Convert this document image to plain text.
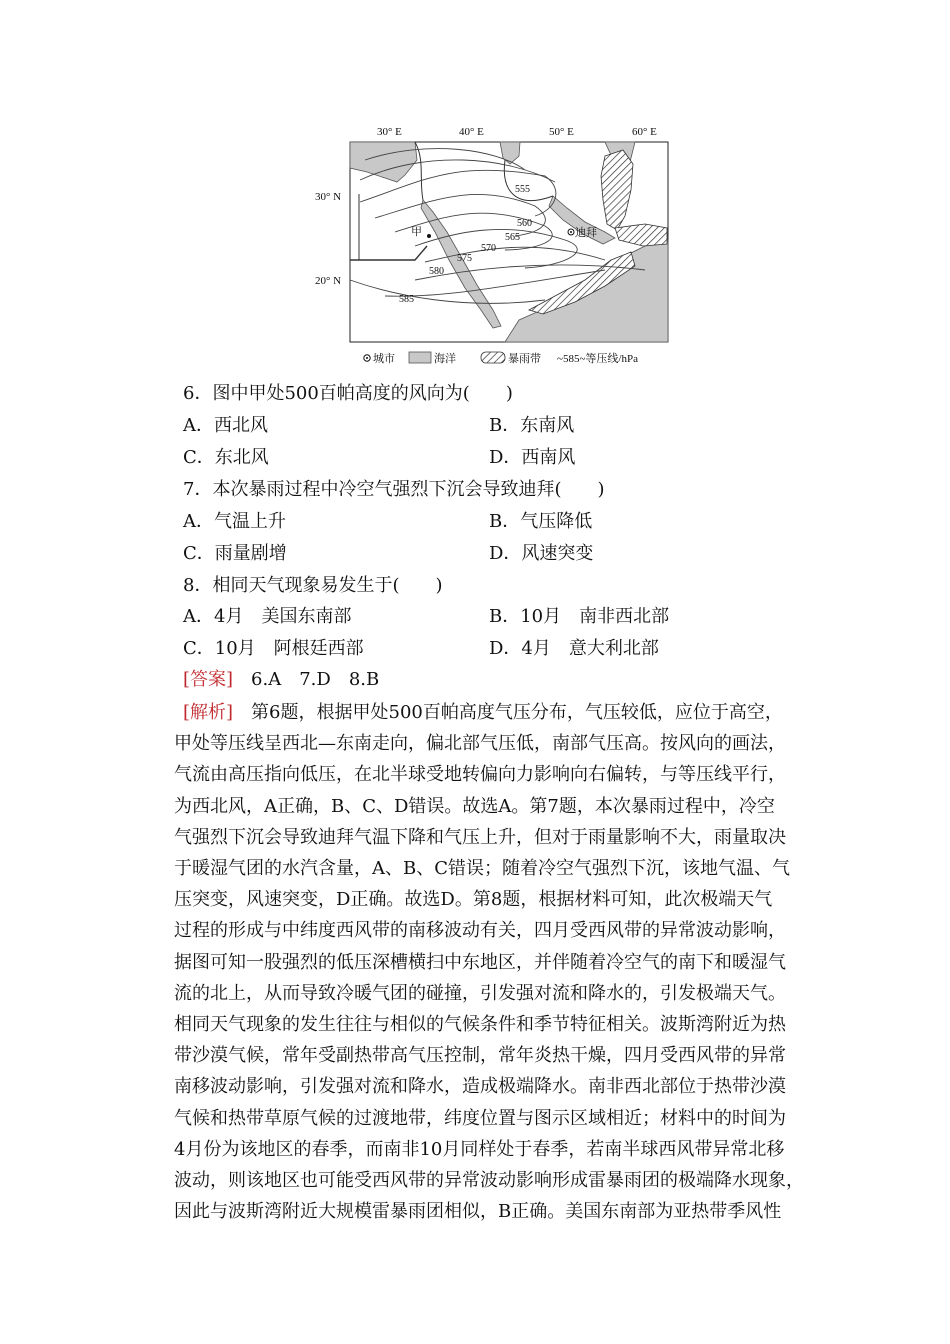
30° E	40° E	50° E	60° E
30° N
20° N
555
560
565
570
575
580
585
甲	迪拜
城市	海洋	暴雨带 ~585~等压线/hPa
6．图中甲处500百帕高度的风向为(　　)
A．西北风	B．东南风
C．东北风	D．西南风
7．本次暴雨过程中冷空气强烈下沉会导致迪拜(　　)
A．气温上升	B．气压降低
C．雨量剧增	D．风速突变
8．相同天气现象易发生于(　　)
A．4月　美国东南部	B．10月　南非西北部
C．10月　阿根廷西部	D．4月　意大利北部
[答案]　6.A　7.D　8.B
[解析]　第6题，根据甲处500百帕高度气压分布，气压较低，应位于高空，
甲处等压线呈西北—东南走向，偏北部气压低，南部气压高。按风向的画法，
气流由高压指向低压，在北半球受地转偏向力影响向右偏转，与等压线平行，
为西北风，A正确，B、C、D错误。故选A。第7题，本次暴雨过程中，冷空
气强烈下沉会导致迪拜气温下降和气压上升，但对于雨量影响不大，雨量取决
于暖湿气团的水汽含量，A、B、C错误；随着冷空气强烈下沉，该地气温、气
压突变，风速突变，D正确。故选D。第8题，根据材料可知，此次极端天气
过程的形成与中纬度西风带的南移波动有关，四月受西风带的异常波动影响，
据图可知一股强烈的低压深槽横扫中东地区，并伴随着冷空气的南下和暖湿气
流的北上，从而导致冷暖气团的碰撞，引发强对流和降水的，引发极端天气。
相同天气现象的发生往往与相似的气候条件和季节特征相关。波斯湾附近为热
带沙漠气候，常年受副热带高气压控制，常年炎热干燥，四月受西风带的异常
南移波动影响，引发强对流和降水，造成极端降水。南非西北部位于热带沙漠
气候和热带草原气候的过渡地带，纬度位置与图示区域相近；材料中的时间为
4月份为该地区的春季，而南非10月同样处于春季，若南半球西风带异常北移
波动，则该地区也可能受西风带的异常波动影响形成雷暴雨团的极端降水现象，
因此与波斯湾附近大规模雷暴雨团相似，B正确。美国东南部为亚热带季风性
